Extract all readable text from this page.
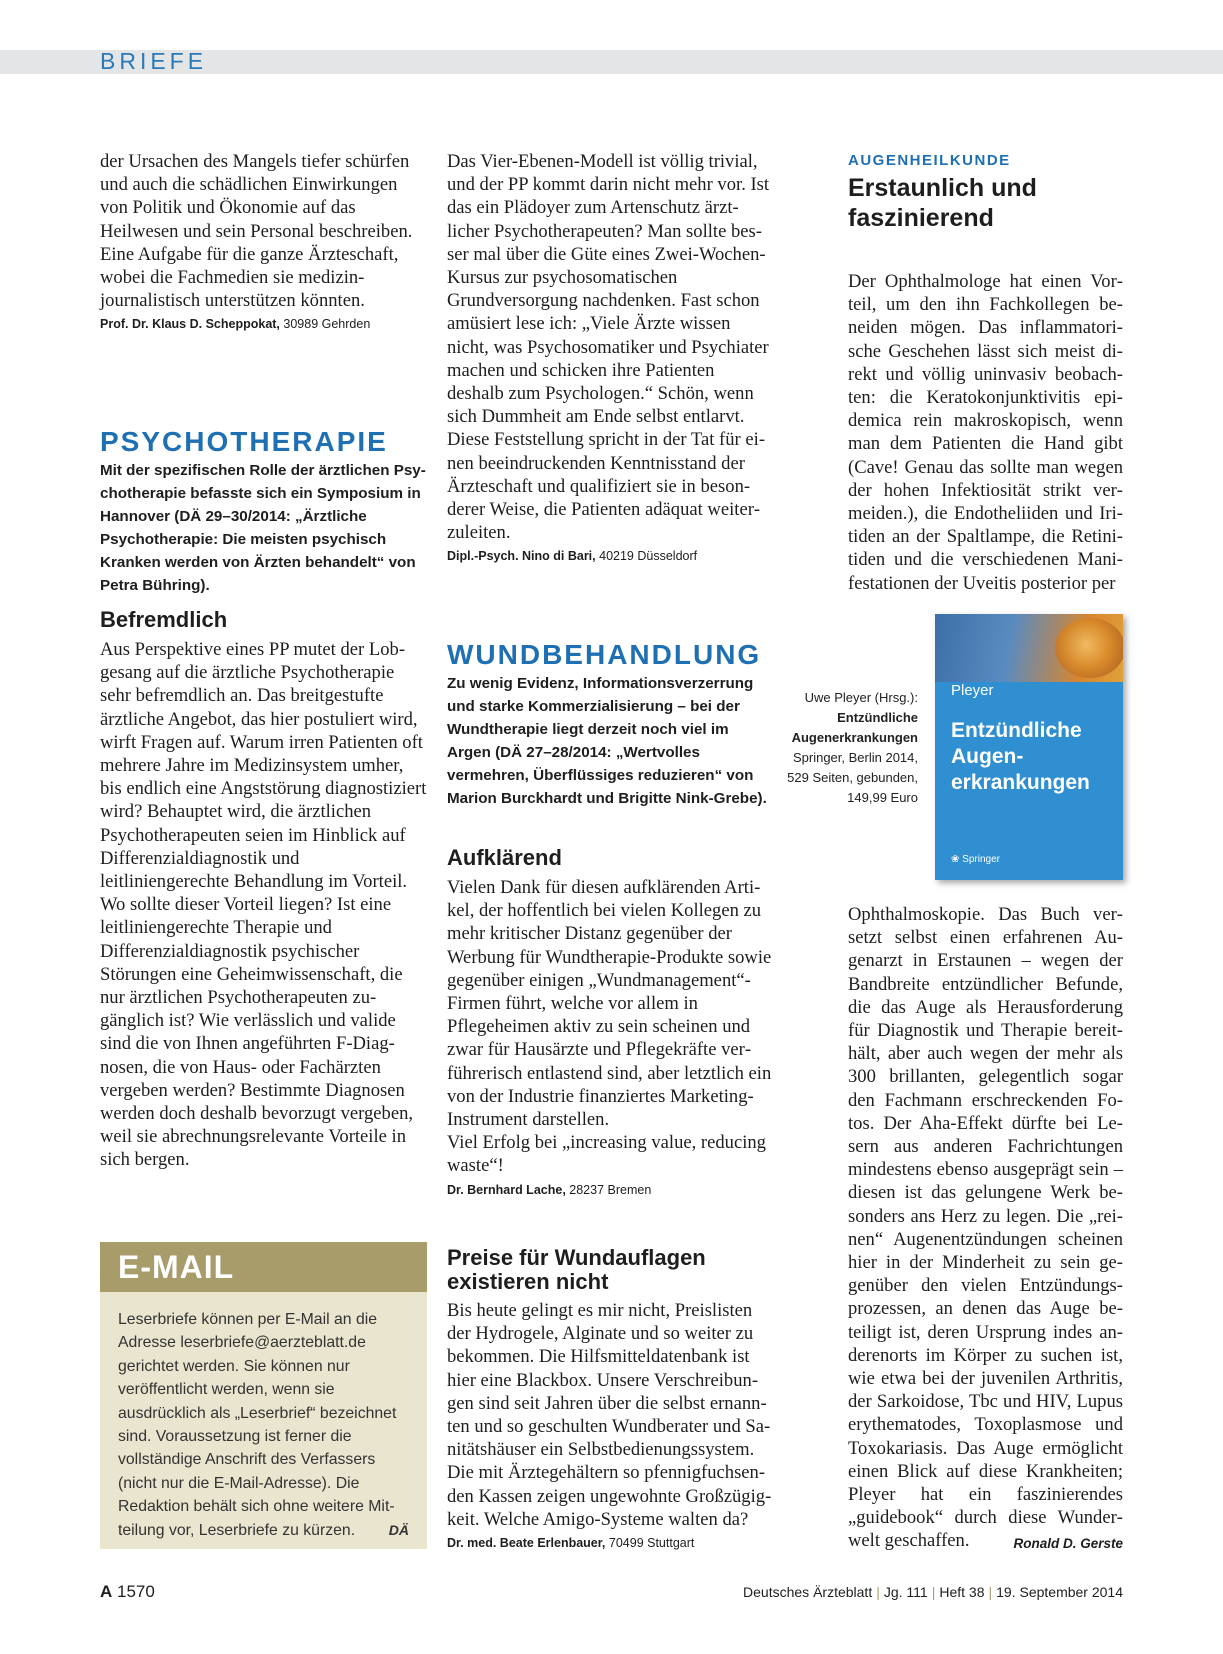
BRIEFE

der Ursachen des Mangels tiefer schürfen und auch die schädlichen Einwirkungen von Politik und Ökonomie auf das Heilwesen und sein Personal beschreiben. Eine Aufgabe für die ganze Ärzteschaft, wobei die Fachmedien sie medizin-journalistisch unterstützen könnten.

Prof. Dr. Klaus D. Scheppokat, 30989 Gehrden

PSYCHOTHERAPIE

Mit der spezifischen Rolle der ärztlichen Psychotherapie befasste sich ein Symposium in Hannover (DÄ 29–30/2014: „Ärztliche Psychotherapie: Die meisten psychisch Kranken werden von Ärzten behandelt“ von Petra Bühring).

Befremdlich

Aus Perspektive eines PP mutet der Lobgesang auf die ärztliche Psychotherapie sehr befremdlich an. Das breitgestufte ärztliche Angebot, das hier postuliert wird, wirft Fragen auf. Warum irren Patienten oft mehrere Jahre im Medizinsystem umher, bis endlich eine Angststörung diagnostiziert wird? Behauptet wird, die ärztlichen Psychotherapeuten seien im Hinblick auf Differenzialdiagnostik und leitliniengerechte Behandlung im Vorteil. Wo sollte dieser Vorteil liegen? Ist eine leitliniengerechte Therapie und Differenzialdiagnostik psychischer Störungen eine Geheimwissenschaft, die nur ärztlichen Psychotherapeuten zugänglich ist? Wie verlässlich und valide sind die von Ihnen angeführten F-Diagnosen, die von Haus- oder Fachärzten vergeben werden? Bestimmte Diagnosen werden doch deshalb bevorzugt vergeben, weil sie abrechnungsrelevante Vorteile in sich bergen.

E-MAIL
Leserbriefe können per E-Mail an die Adresse leserbriefe@aerzteblatt.de gerichtet werden. Sie können nur veröffentlicht werden, wenn sie ausdrücklich als „Leserbrief“ bezeichnet sind. Voraussetzung ist ferner die vollständige Anschrift des Verfassers (nicht nur die E-Mail-Adresse). Die Redaktion behält sich ohne weitere Mitteilung vor, Leserbriefe zu kürzen. DÄ

Das Vier-Ebenen-Modell ist völlig trivial, und der PP kommt darin nicht mehr vor. Ist das ein Plädoyer zum Artenschutz ärztlicher Psychotherapeuten? Man sollte besser mal über die Güte eines Zwei-Wochen-Kursus zur psychosomatischen Grundversorgung nachdenken. Fast schon amüsiert lese ich: „Viele Ärzte wissen nicht, was Psychosomatiker und Psychiater machen und schicken ihre Patienten deshalb zum Psychologen.“ Schön, wenn sich Dummheit am Ende selbst entlarvt. Diese Feststellung spricht in der Tat für einen beeindruckenden Kenntnisstand der Ärzteschaft und qualifiziert sie in besonderer Weise, die Patienten adäquat weiterzuleiten.

Dipl.-Psych. Nino di Bari, 40219 Düsseldorf

WUNDBEHANDLUNG

Zu wenig Evidenz, Informationsverzerrung und starke Kommerzialisierung – bei der Wundtherapie liegt derzeit noch viel im Argen (DÄ 27–28/2014: „Wertvolles vermehren, Überflüssiges reduzieren“ von Marion Burckhardt und Brigitte Nink-Grebe).

Aufklärend

Vielen Dank für diesen aufklärenden Artikel, der hoffentlich bei vielen Kollegen zu mehr kritischer Distanz gegenüber der Werbung für Wundtherapie-Produkte sowie gegenüber einigen „Wundmanagement“-Firmen führt, welche vor allem in Pflegeheimen aktiv zu sein scheinen und zwar für Hausärzte und Pflegekräfte verführerisch entlastend sind, aber letztlich ein von der Industrie finanziertes Marketing-Instrument darstellen.

Viel Erfolg bei „increasing value, reducing waste“!

Dr. Bernhard Lache, 28237 Bremen

Preise für Wundauflagen existieren nicht

Bis heute gelingt es mir nicht, Preislisten der Hydrogele, Alginate und so weiter zu bekommen. Die Hilfsmitteldatenbank ist hier eine Blackbox. Unsere Verschreibungen sind seit Jahren über die selbst ernannten und so geschulten Wundberater und Sanitätshäuser ein Selbstbedienungssystem. Die mit Ärztegehältern so pfennigfuchsenden Kassen zeigen ungewohnte Großzügigkeit. Welche Amigo-Systeme walten da?

Dr. med. Beate Erlenbauer, 70499 Stuttgart

AUGENHEILKUNDE
Erstaunlich und faszinierend

Der Ophthalmologe hat einen Vorteil, um den ihn Fachkollegen beneiden mögen. Das inflammatorische Geschehen lässt sich meist direkt und völlig uninvasiv beobachten: die Keratokonjunktivitis epidemica rein makroskopisch, wenn man dem Patienten die Hand gibt (Cave! Genau das sollte man wegen der hohen Infektiosität strikt vermeiden.), die Endotheliiden und Iritiden an der Spaltlampe, die Retinitiden und die verschiedenen Manifestationen der Uveitis posterior per

Uwe Pleyer (Hrsg.):
Entzündliche Augenerkrankungen
Springer, Berlin 2014, 529 Seiten, gebunden, 149,99 Euro
Pleyer
Entzündliche Augenerkrankungen
❀ Springer

Ophthalmoskopie. Das Buch versetzt selbst einen erfahrenen Augenarzt in Erstaunen – wegen der Bandbreite entzündlicher Befunde, die das Auge als Herausforderung für Diagnostik und Therapie bereithält, aber auch wegen der mehr als 300 brillanten, gelegentlich sogar den Fachmann erschreckenden Fotos. Der Aha-Effekt dürfte bei Lesern aus anderen Fachrichtungen mindestens ebenso ausgeprägt sein – diesen ist das gelungene Werk besonders ans Herz zu legen. Die „reinen“ Augenentzündungen scheinen hier in der Minderheit zu sein gegenüber den vielen Entzündungsprozessen, an denen das Auge beteiligt ist, deren Ursprung indes anderenorts im Körper zu suchen ist, wie etwa bei der juvenilen Arthritis, der Sarkoidose, Tbc und HIV, Lupus erythematodes, Toxoplasmose und Toxokariasis. Das Auge ermöglicht einen Blick auf diese Krankheiten; Pleyer hat ein faszinierendes „guidebook“ durch diese Wunderwelt geschaffen.	Ronald D. Gerste

A 1570	Deutsches Ärzteblatt | Jg. 111 | Heft 38 | 19. September 2014
